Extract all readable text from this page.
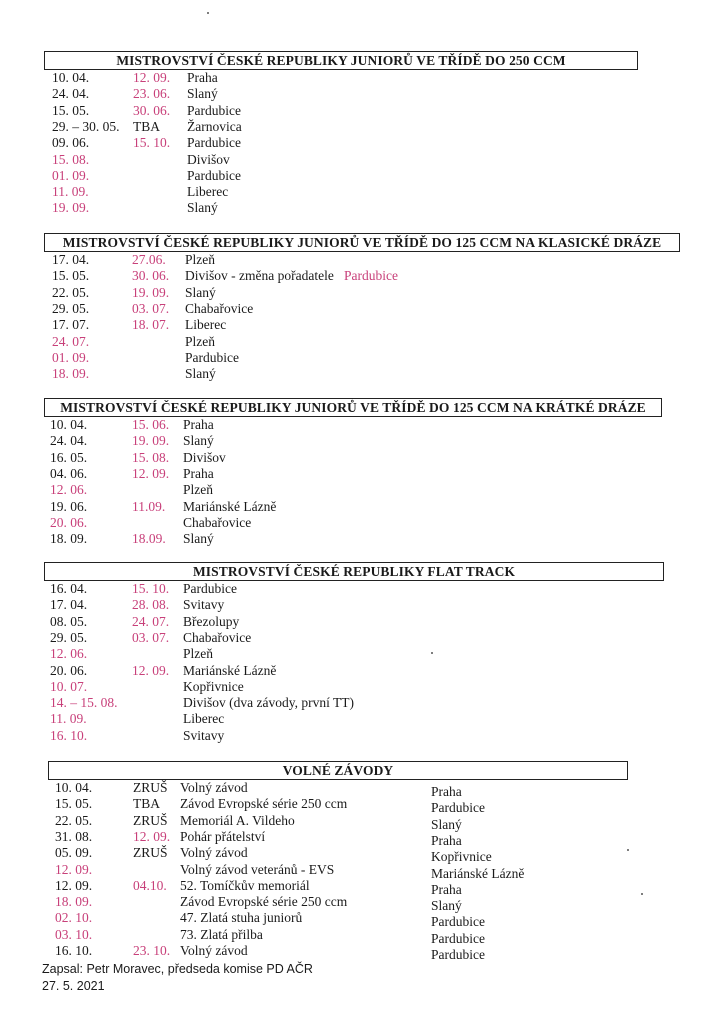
MISTROVSTVÍ ČESKÉ REPUBLIKY JUNIORŮ VE TŘÍDĚ DO 250 CCM
10. 04.	12. 09. Praha
24. 04.	23. 06. Slaný
15. 05.	30. 06. Pardubice
29. – 30. 05. TBA Žarnovica
09. 06.	15. 10. Pardubice
15. 08.	Divišov
01. 09.	Pardubice
11. 09.	Liberec
19. 09.	Slaný
MISTROVSTVÍ ČESKÉ REPUBLIKY JUNIORŮ VE TŘÍDĚ DO 125 CCM NA KLASICKÉ DRÁZE
17. 04.	27.06. Plzeň
15. 05.	30. 06. Divišov - změna pořadatele Pardubice
22. 05.	19. 09. Slaný
29. 05.	03. 07. Chabařovice
17. 07.	18. 07. Liberec
24. 07.	Plzeň
01. 09.	Pardubice
18. 09.	Slaný
MISTROVSTVÍ ČESKÉ REPUBLIKY JUNIORŮ VE TŘÍDĚ DO 125 CCM NA KRÁTKÉ DRÁZE
10. 04.	15. 06. Praha
24. 04.	19. 09. Slaný
16. 05.	15. 08. Divišov
04. 06.	12. 09. Praha
12. 06.	Plzeň
19. 06.	11.09. Mariánské Lázně
20. 06.	Chabařovice
18. 09.	18.09. Slaný
MISTROVSTVÍ ČESKÉ REPUBLIKY FLAT TRACK
16. 04.	15. 10. Pardubice
17. 04.	28. 08. Svitavy
08. 05.	24. 07. Březolupy
29. 05.	03. 07. Chabařovice
12. 06.	Plzeň
20. 06.	12. 09. Mariánské Lázně
10. 07.	Kopřivnice
14. – 15. 08.	Divišov (dva závody, první TT)
11. 09.	Liberec
16. 10.	Svitavy
VOLNÉ ZÁVODY
10. 04.	ZRUŠ Volný závod	Praha
15. 05.	TBA Závod Evropské série 250 ccm	Pardubice
22. 05.	ZRUŠ Memoriál A. Vildeho	Slaný
31. 08.	12. 09. Pohár přátelství	Praha
05. 09.	ZRUŠ Volný závod	Kopřivnice
12. 09.	Volný závod veteránů - EVS	Mariánské Lázně
12. 09.	04.10. 52. Tomíčkův memoriál	Praha
18. 09.	Závod Evropské série 250 ccm	Slaný
02. 10.	47. Zlatá stuha juniorů	Pardubice
03. 10.	73. Zlatá přilba	Pardubice
16. 10.	23. 10. Volný závod	Pardubice
Zapsal: Petr Moravec, předseda komise PD AČR
27. 5. 2021
